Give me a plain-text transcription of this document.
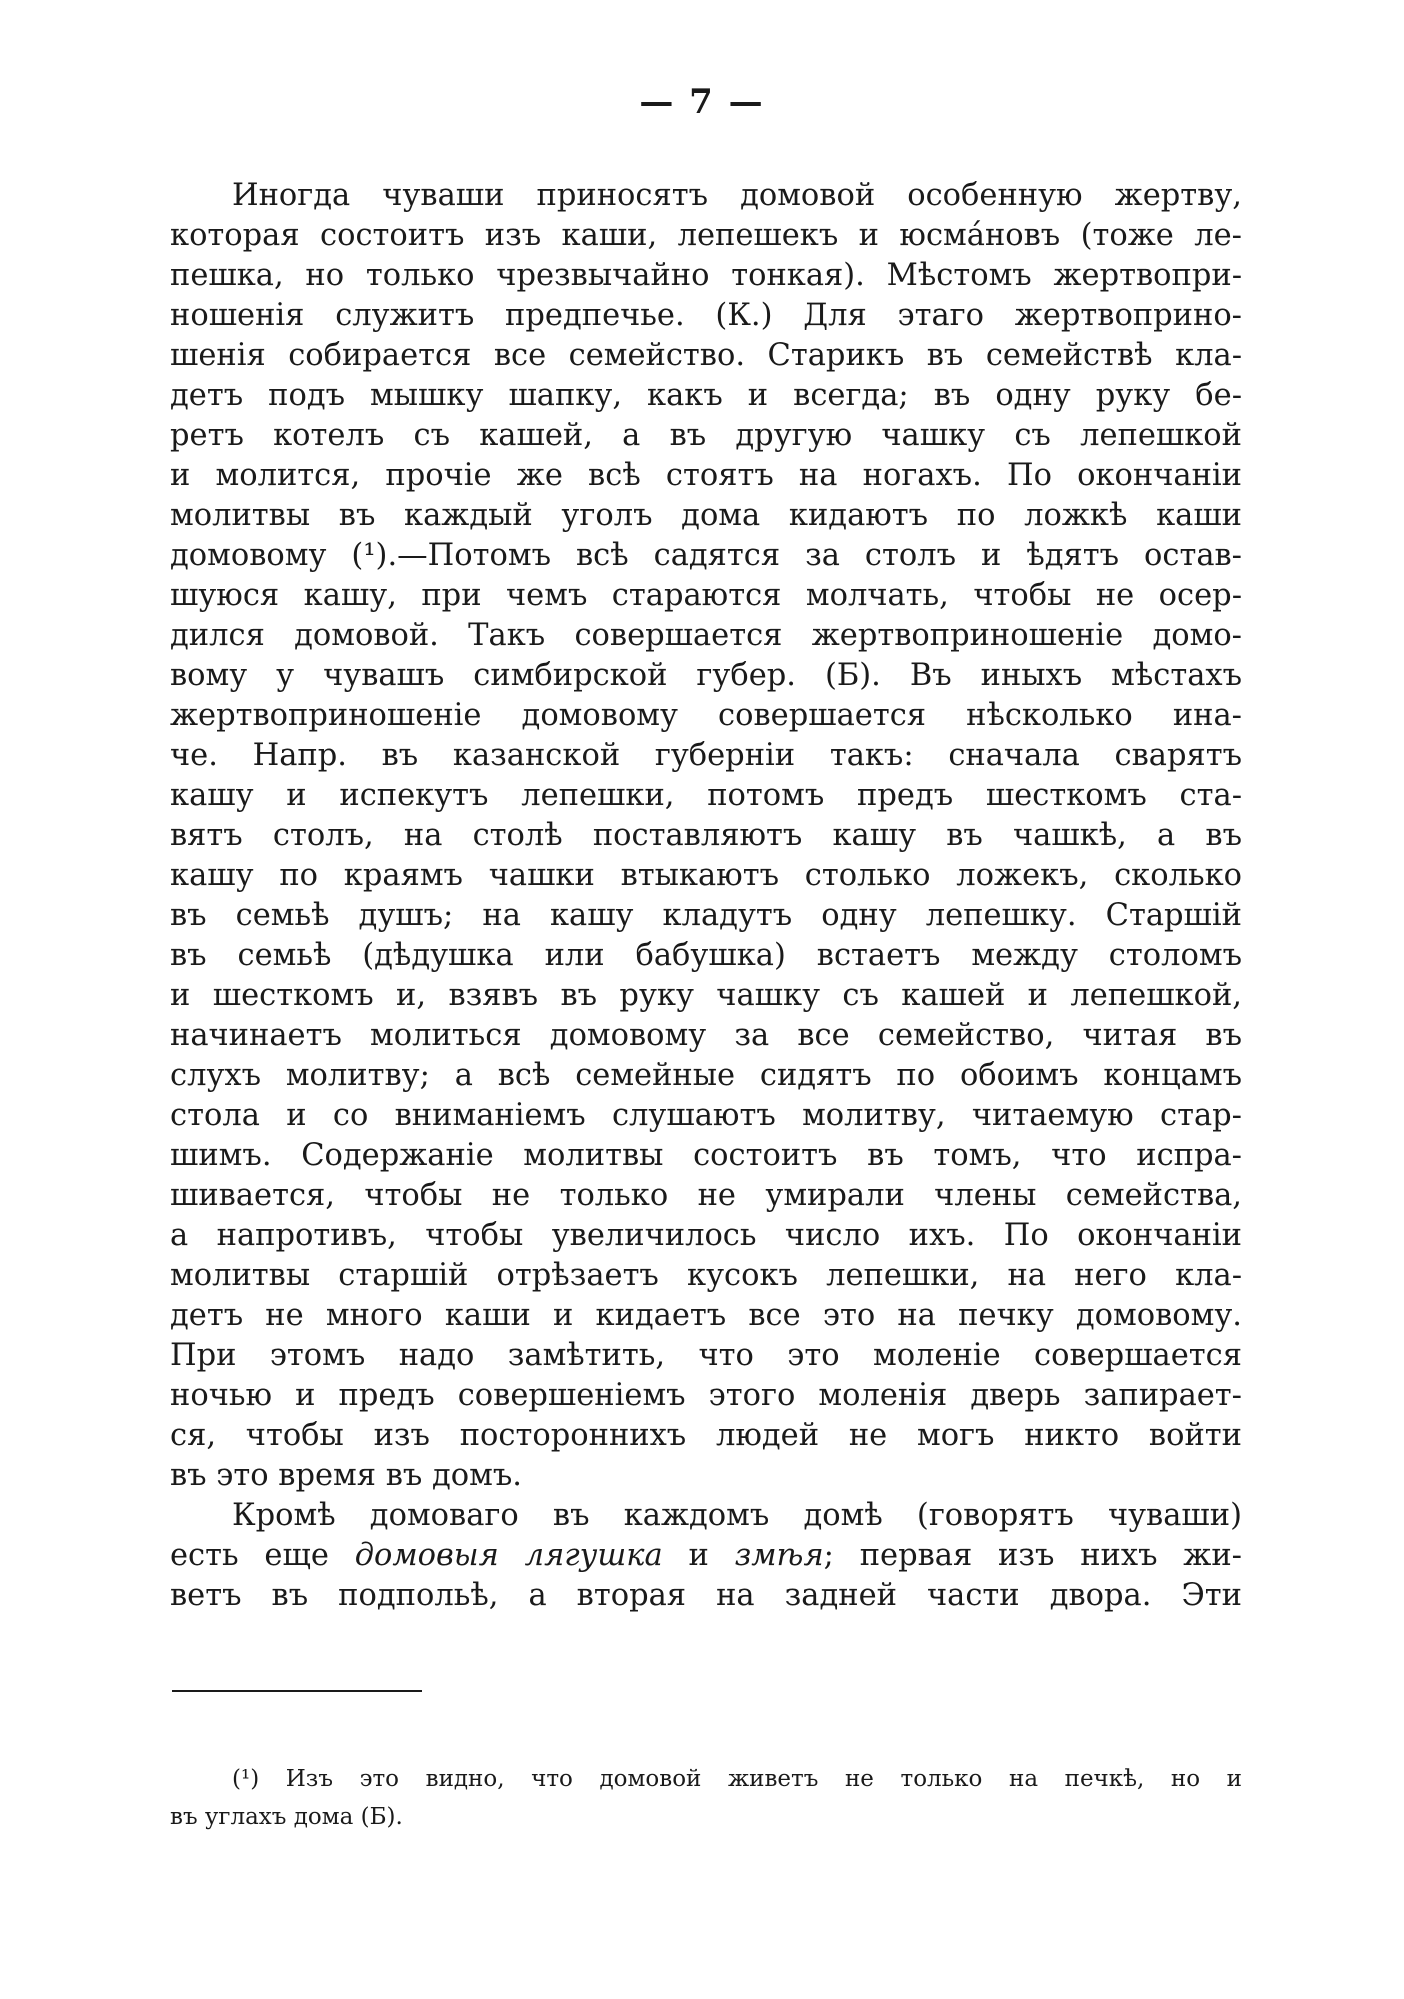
— 7 —
Иногда чуваши приносятъ домовой особенную жертву,
которая состоитъ изъ каши, лепешекъ и юсмáновъ (тоже ле-
пешка, но только чрезвычайно тонкая). Мѣстомъ жертвопри-
ношенія служитъ предпечье. (К.) Для этаго жертвоприно-
шенія собирается все семейство. Старикъ въ семействѣ кла-
детъ подъ мышку шапку, какъ и всегда; въ одну руку бе-
ретъ котелъ съ кашей, а въ другую чашку съ лепешкой
и молится, прочіе же всѣ стоятъ на ногахъ. По окончаніи
молитвы въ каждый уголъ дома кидаютъ по ложкѣ каши
домовому (¹).—Потомъ всѣ садятся за столъ и ѣдятъ остав-
шуюся кашу, при чемъ стараются молчать, чтобы не осер-
дился домовой. Такъ совершается жертвоприношеніе домо-
вому у чувашъ симбирской губер. (Б). Въ иныхъ мѣстахъ
жертвоприношеніе домовому совершается нѣсколько ина-
че. Напр. въ казанской губерніи такъ: сначала сварятъ
кашу и испекутъ лепешки, потомъ предъ шесткомъ ста-
вятъ столъ, на столѣ поставляютъ кашу въ чашкѣ, а въ
кашу по краямъ чашки втыкаютъ столько ложекъ, сколько
въ семьѣ душъ; на кашу кладутъ одну лепешку. Старшій
въ семьѣ (дѣдушка или бабушка) встаетъ между столомъ
и шесткомъ и, взявъ въ руку чашку съ кашей и лепешкой,
начинаетъ молиться домовому за все семейство, читая въ
слухъ молитву; а всѣ семейные сидятъ по обоимъ концамъ
стола и со вниманіемъ слушаютъ молитву, читаемую стар-
шимъ. Содержаніе молитвы состоитъ въ томъ, что испра-
шивается, чтобы не только не умирали члены семейства,
а напротивъ, чтобы увеличилось число ихъ. По окончаніи
молитвы старшій отрѣзаетъ кусокъ лепешки, на него кла-
детъ не много каши и кидаетъ все это на печку домовому.
При этомъ надо замѣтить, что это моленіе совершается
ночью и предъ совершеніемъ этого моленія дверь запирает-
ся, чтобы изъ постороннихъ людей не могъ никто войти
въ это время въ домъ.
Кромѣ домоваго въ каждомъ домѣ (говорятъ чуваши)
есть еще домовыя лягушка и змѣя; первая изъ нихъ жи-
ветъ въ подпольѣ, а вторая на задней части двора. Эти
(¹) Изъ это видно, что домовой живетъ не только на печкѣ, но и
въ углахъ дома (Б).
